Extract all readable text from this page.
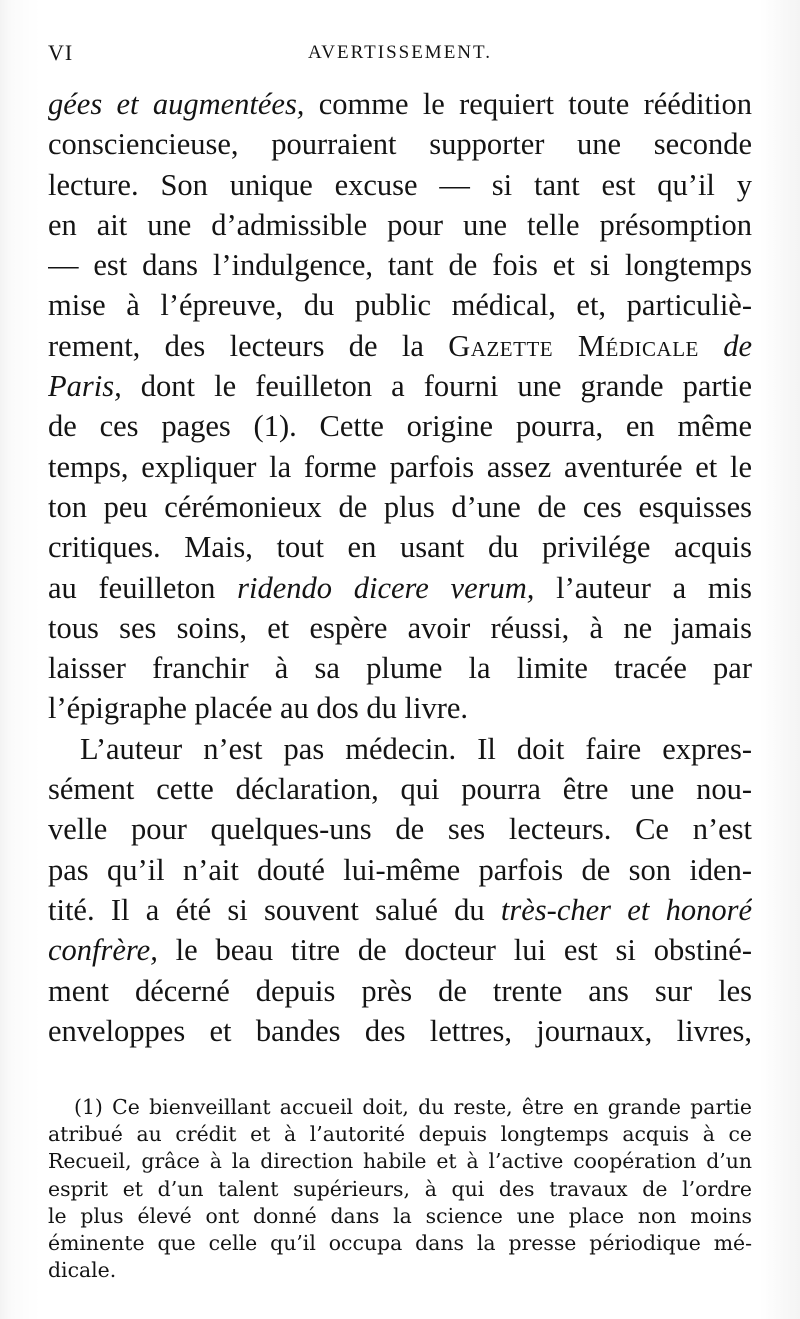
VI	AVERTISSEMENT.
gées et augmentées, comme le requiert toute réédition
consciencieuse, pourraient supporter une seconde
lecture. Son unique excuse — si tant est qu’il y
en ait une d’admissible pour une telle présomption
— est dans l’indulgence, tant de fois et si longtemps
mise à l’épreuve, du public médical, et, particuliè-
rement, des lecteurs de la Gazette Médicale de
Paris, dont le feuilleton a fourni une grande partie
de ces pages (1). Cette origine pourra, en même
temps, expliquer la forme parfois assez aventurée et le
ton peu cérémonieux de plus d’une de ces esquisses
critiques. Mais, tout en usant du privilége acquis
au feuilleton ridendo dicere verum, l’auteur a mis
tous ses soins, et espère avoir réussi, à ne jamais
laisser franchir à sa plume la limite tracée par
l’épigraphe placée au dos du livre.
L’auteur n’est pas médecin. Il doit faire expres-
sément cette déclaration, qui pourra être une nou-
velle pour quelques-uns de ses lecteurs. Ce n’est
pas qu’il n’ait douté lui-même parfois de son iden-
tité. Il a été si souvent salué du très-cher et honoré
confrère, le beau titre de docteur lui est si obstiné-
ment décerné depuis près de trente ans sur les
enveloppes et bandes des lettres, journaux, livres,
(1) Ce bienveillant accueil doit, du reste, être en grande partie
atribué au crédit et à l’autorité depuis longtemps acquis à ce
Recueil, grâce à la direction habile et à l’active coopération d’un
esprit et d’un talent supérieurs, à qui des travaux de l’ordre
le plus élevé ont donné dans la science une place non moins
éminente que celle qu’il occupa dans la presse périodique mé-
dicale.
